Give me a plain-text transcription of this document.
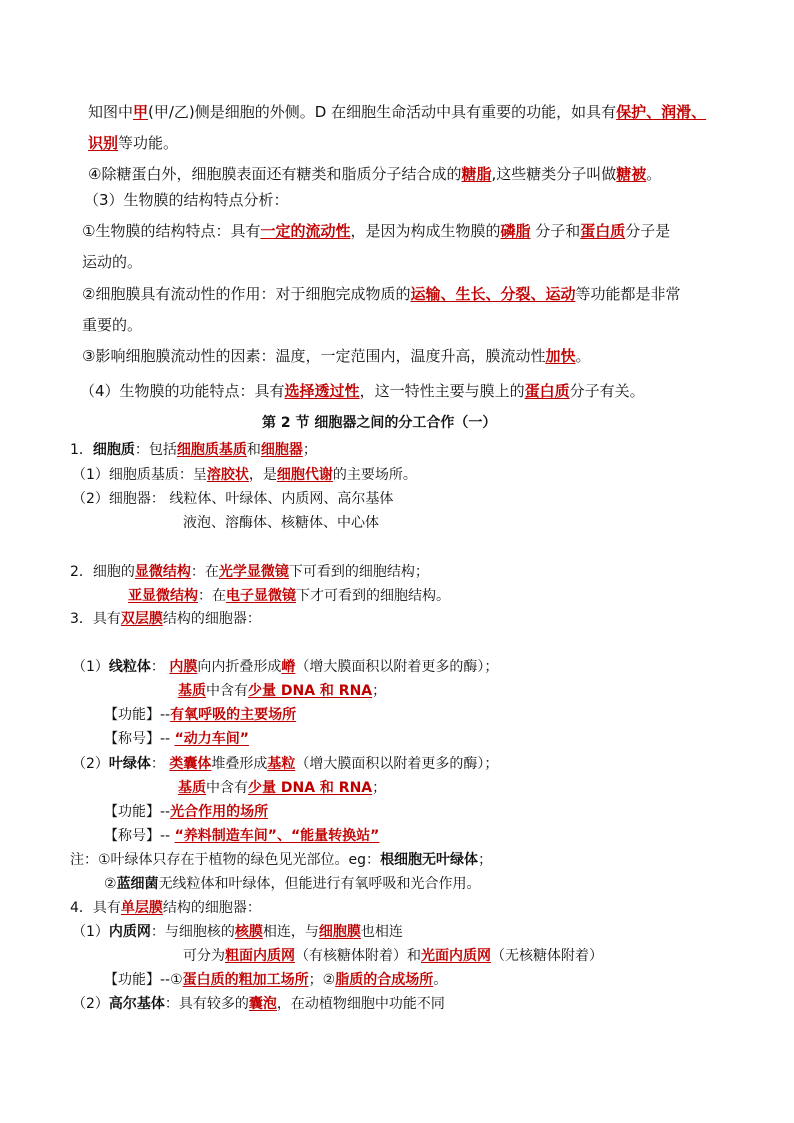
知图中甲(甲/乙)侧是细胞的外侧。D 在细胞生命活动中具有重要的功能，如具有保护、润滑、
识别等功能。
④除糖蛋白外，细胞膜表面还有糖类和脂质分子结合成的糖脂,这些糖类分子叫做糖被。
（3）生物膜的结构特点分析：
①生物膜的结构特点：具有一定的流动性，是因为构成生物膜的磷脂 分子和蛋白质分子是
运动的。
②细胞膜具有流动性的作用：对于细胞完成物质的运输、生长、分裂、运动等功能都是非常
重要的。
③影响细胞膜流动性的因素：温度，一定范围内，温度升高，膜流动性加快。
（4）生物膜的功能特点：具有选择透过性，这一特性主要与膜上的蛋白质分子有关。
第 2 节 细胞器之间的分工合作（一）
1．细胞质：包括细胞质基质和细胞器；
（1）细胞质基质：呈溶胶状，是细胞代谢的主要场所。
（2）细胞器： 线粒体、叶绿体、内质网、高尔基体
液泡、溶酶体、核糖体、中心体
2．细胞的显微结构：在光学显微镜下可看到的细胞结构；
亚显微结构：在电子显微镜下才可看到的细胞结构。
3．具有双层膜结构的细胞器：
（1）线粒体： 内膜向内折叠形成嵴（增大膜面积以附着更多的酶）；
基质中含有少量 DNA 和 RNA；
【功能】--有氧呼吸的主要场所
【称号】-- “动力车间”
（2）叶绿体： 类囊体堆叠形成基粒（增大膜面积以附着更多的酶）；
基质中含有少量 DNA 和 RNA；
【功能】--光合作用的场所
【称号】-- “养料制造车间”、“能量转换站”
注：①叶绿体只存在于植物的绿色见光部位。eg：根细胞无叶绿体；
②蓝细菌无线粒体和叶绿体，但能进行有氧呼吸和光合作用。
4．具有单层膜结构的细胞器：
（1）内质网：与细胞核的核膜相连，与细胞膜也相连
可分为粗面内质网（有核糖体附着）和光面内质网（无核糖体附着）
【功能】--①蛋白质的粗加工场所；②脂质的合成场所。
（2）高尔基体：具有较多的囊泡，在动植物细胞中功能不同
